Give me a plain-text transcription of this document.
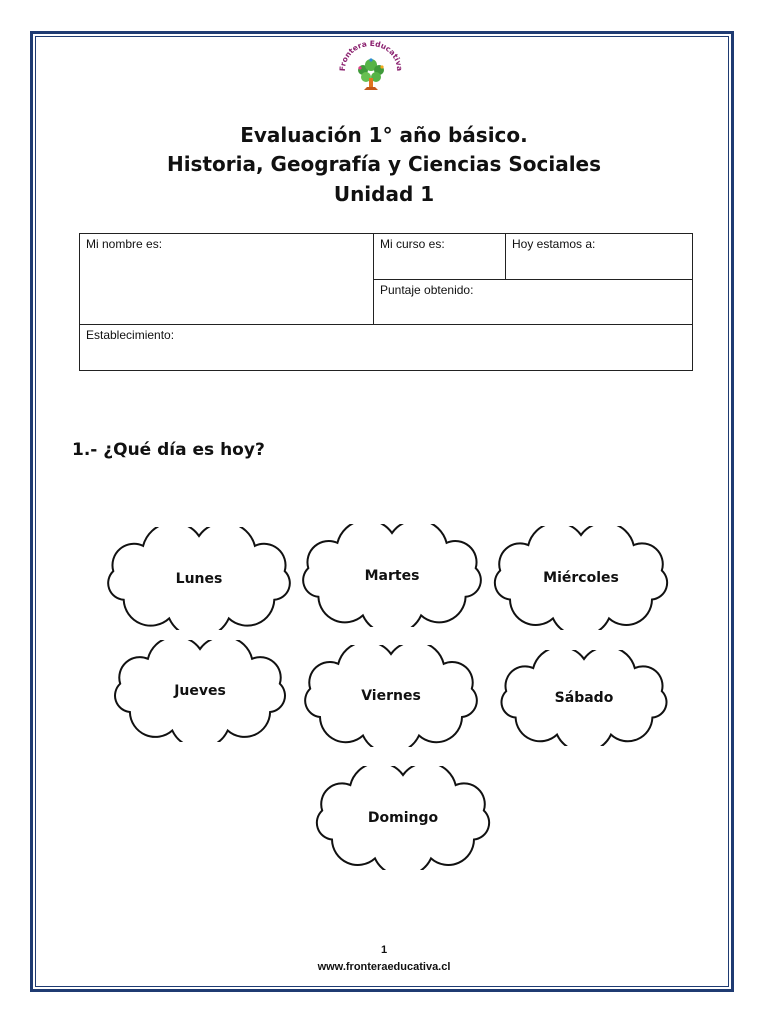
Frontera Educativa
Evaluación 1° año básico.
Historia, Geografía y Ciencias Sociales
Unidad 1
Mi nombre es:	Mi curso es:	Hoy estamos a:
Puntaje obtenido:
Establecimiento:
1.- ¿Qué día es hoy?
Lunes	Martes	Miércoles
Jueves	Viernes	Sábado
Domingo
1
www.fronteraeducativa.cl
